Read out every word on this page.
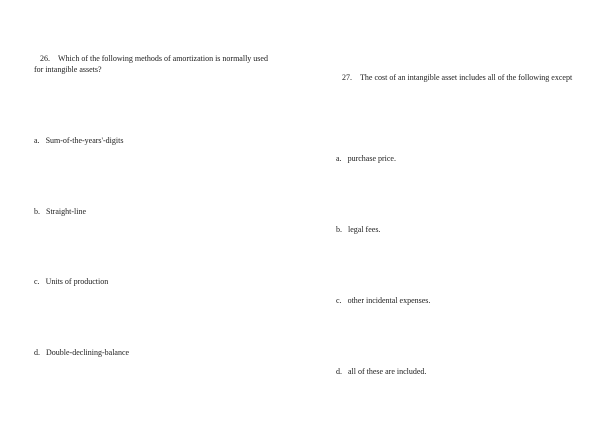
26. Which of the following methods of amortization is normally used for intangible assets?
a. Sum-of-the-years'-digits
b. Straight-line
c. Units of production
d. Double-declining-balance
27. The cost of an intangible asset includes all of the following except
a. purchase price.
b. legal fees.
c. other incidental expenses.
d. all of these are included.
